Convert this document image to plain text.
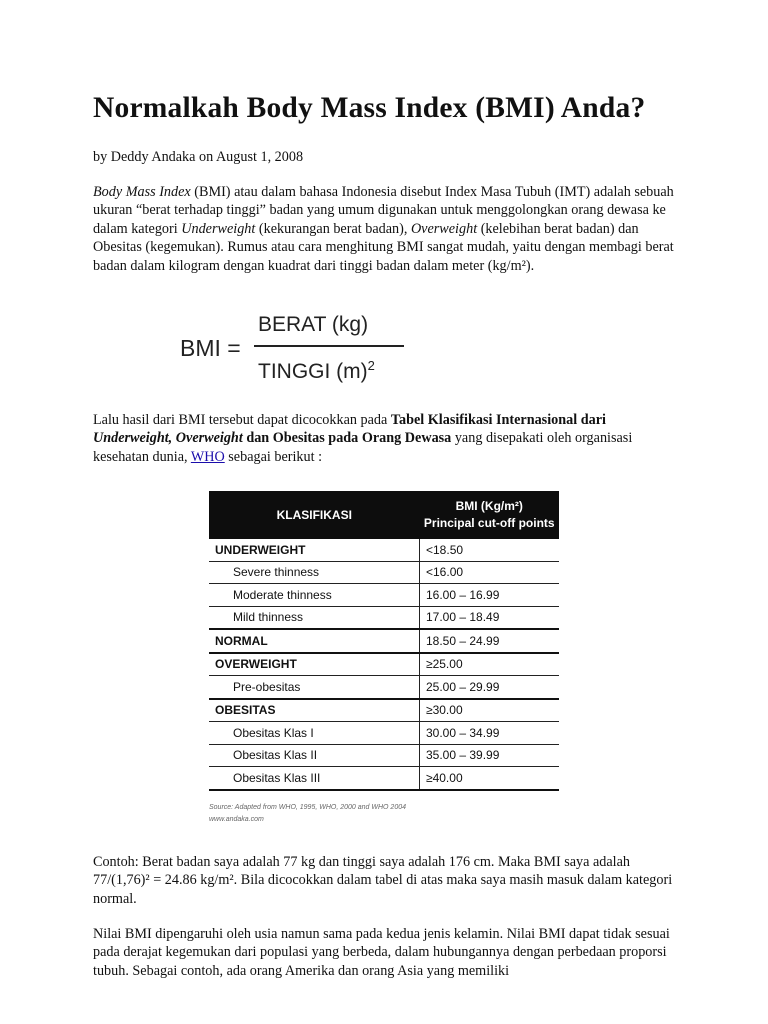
Normalkah Body Mass Index (BMI) Anda?
by Deddy Andaka on August 1, 2008
Body Mass Index (BMI) atau dalam bahasa Indonesia disebut Index Masa Tubuh (IMT) adalah sebuah ukuran “berat terhadap tinggi” badan yang umum digunakan untuk menggolongkan orang dewasa ke dalam kategori Underweight (kekurangan berat badan), Overweight (kelebihan berat badan) dan Obesitas (kegemukan). Rumus atau cara menghitung BMI sangat mudah, yaitu dengan membagi berat badan dalam kilogram dengan kuadrat dari tinggi badan dalam meter (kg/m²).
BMI =
BERAT (kg)
TINGGI $(m)^2$
Lalu hasil dari BMI tersebut dapat dicocokkan pada Tabel Klasifikasi Internasional dari Underweight, Overweight dan Obesitas pada Orang Dewasa yang disepakati oleh organisasi kesehatan dunia, WHO sebagai berikut :
KLASIFIKASI	BMI (Kg/m²)
Principal cut-off points
UNDERWEIGHT	<18.50
Severe thinness	<16.00
Moderate thinness	16.00 – 16.99
Mild thinness	17.00 – 18.49
NORMAL	18.50 – 24.99
OVERWEIGHT	≥25.00
Pre-obesitas	25.00 – 29.99
OBESITAS	≥30.00
Obesitas Klas I	30.00 – 34.99
Obesitas Klas II	35.00 – 39.99
Obesitas Klas III	≥40.00
Source: Adapted from WHO, 1995, WHO, 2000 and WHO 2004
www.andaka.com
Contoh: Berat badan saya adalah 77 kg dan tinggi saya adalah 176 cm. Maka BMI saya adalah 77/(1,76)² = 24.86 kg/m². Bila dicocokkan dalam tabel di atas maka saya masih masuk dalam kategori normal.
Nilai BMI dipengaruhi oleh usia namun sama pada kedua jenis kelamin. Nilai BMI dapat tidak sesuai pada derajat kegemukan dari populasi yang berbeda, dalam hubungannya dengan perbedaan proporsi tubuh. Sebagai contoh, ada orang Amerika dan orang Asia yang memiliki
